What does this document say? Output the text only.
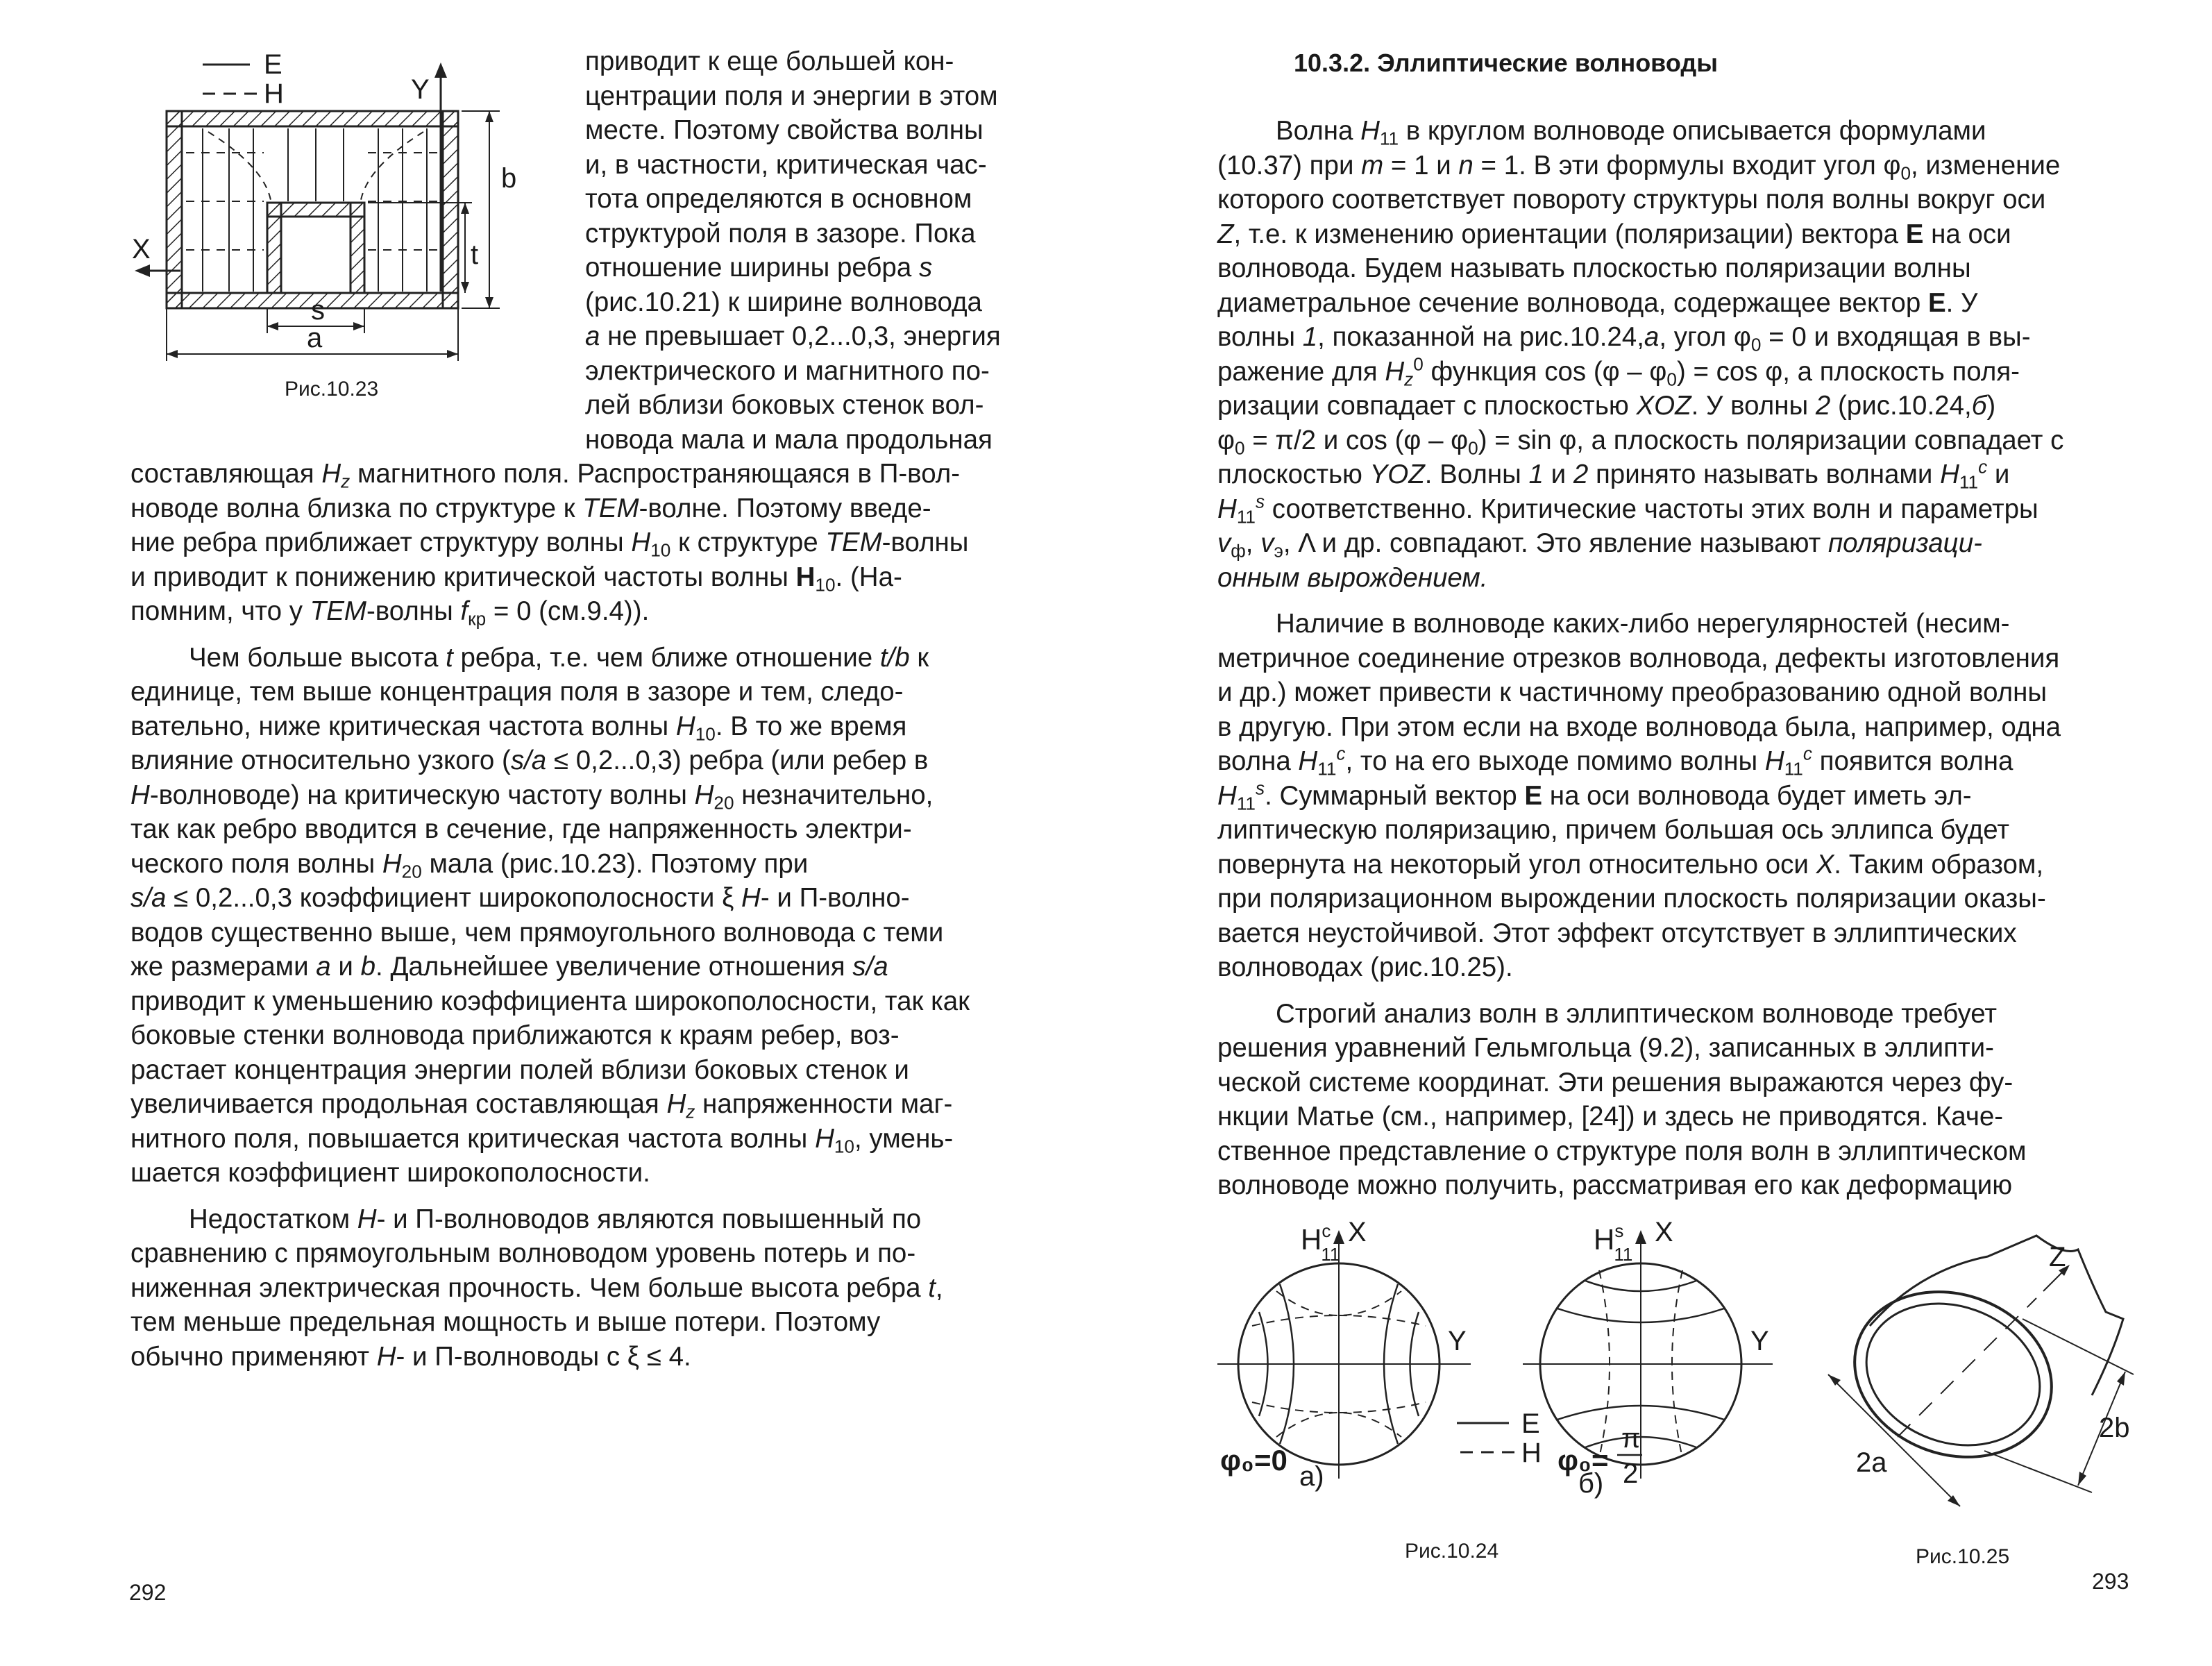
E
H	Y
X
b
t
s
a
Рис.10.23

приводит к еще большей кон-

центрации поля и энергии в этом

месте. Поэтому свойства волны

и, в частности, критическая час-

тота определяются в основном

структурой поля в зазоре. Пока

отношение ширины ребра s

(рис.10.21) к ширине волновода

a не превышает 0,2...0,3, энергия

электрического и магнитного по-

лей вблизи боковых стенок вол-

новода мала и мала продольная

составляющая $H_z$ магнитного поля. Распространяющаяся в П-вол-

новоде волна близка по структуре к TEM-волне. Поэтому введе-

ние ребра приближает структуру волны $H_{10}$ к структуре TEM-волны

и приводит к понижению критической частоты волны $H_{10}$. (На-

помним, что у TEM-волны $f_{кр} = 0$ (см.9.4)).

Чем больше высота t ребра, т.е. чем ближе отношение t/b к

единице, тем выше концентрация поля в зазоре и тем, следо-

вательно, ниже критическая частота волны $H_{10}$. В то же время

влияние относительно узкого (s/a ≤ 0,2...0,3) ребра (или ребер в

H-волноводе) на критическую частоту волны $H_{20}$ незначительно,

так как ребро вводится в сечение, где напряженность электри-

ческого поля волны $H_{20}$ мала (рис.10.23). Поэтому при

s/a ≤ 0,2...0,3 коэффициент широкополосности ξ H- и П-волно-

водов существенно выше, чем прямоугольного волновода с теми

же размерами a и b. Дальнейшее увеличение отношения s/a

приводит к уменьшению коэффициента широкополосности, так как

боковые стенки волновода приближаются к краям ребер, воз-

растает концентрация энергии полей вблизи боковых стенок и

увеличивается продольная составляющая $H_z$ напряженности маг-

нитного поля, повышается критическая частота волны $H_{10}$, умень-

шается коэффициент широкополосности.

Недостатком H- и П-волноводов являются повышенный по

сравнению с прямоугольным волноводом уровень потерь и по-

ниженная электрическая прочность. Чем больше высота ребра t,

тем меньше предельная мощность и выше потери. Поэтому

обычно применяют H- и П-волноводы с ξ ≤ 4.

292
10.3.2. Эллиптические волноводы

Волна $H_{11}$ в круглом волноводе описывается формулами

(10.37) при m = 1 и n = 1. В эти формулы входит угол $\varphi_0$, изменение

которого соответствует повороту структуры поля волны вокруг оси

Z, т.е. к изменению ориентации (поляризации) вектора E на оси

волновода. Будем называть плоскостью поляризации волны

диаметральное сечение волновода, содержащее вектор E. У

волны 1, показанной на рис.10.24,a, угол $\varphi_0 = 0$ и входящая в вы-

ражение для $H_z^0$ функция $\cos (\varphi - \varphi_0) = \cos \varphi$, а плоскость поля-

ризации совпадает с плоскостью XOZ. У волны 2 (рис.10.24,б)

$\varphi_0 = \pi/2$ и $\cos (\varphi - \varphi_0) = \sin \varphi$, а плоскость поляризации совпадает с

плоскостью YOZ. Волны 1 и 2 принято называть волнами $H_{11}^c$ и

$H_{11}^s$ соответственно. Критические частоты этих волн и параметры

$v_ф$, $v_э$, Λ и др. совпадают. Это явление называют поляризаци-

онным вырождением.

Наличие в волноводе каких-либо нерегулярностей (несим-

метричное соединение отрезков волновода, дефекты изготовления

и др.) может привести к частичному преобразованию одной волны

в другую. При этом если на входе волновода была, например, одна

волна $H_{11}^c$, то на его выходе помимо волны $H_{11}^c$ появится волна

$H_{11}^s$. Суммарный вектор E на оси волновода будет иметь эл-

липтическую поляризацию, причем большая ось эллипса будет

повернута на некоторый угол относительно оси X. Таким образом,

при поляризационном вырождении плоскость поляризации оказы-

вается неустойчивой. Этот эффект отсутствует в эллиптических

волноводах (рис.10.25).

Строгий анализ волн в эллиптическом волноводе требует

решения уравнений Гельмгольца (9.2), записанных в эллипти-

ческой системе координат. Эти решения выражаются через фу-

нкции Матье (см., например, [24]) и здесь не приводятся. Каче-

ственное представление о структуре поля волн в эллиптическом

волноводе можно получить, рассматривая его как деформацию

$H^c$ 11
X
Y
$H^s$ 11
X
Y
E
H
φ₀=0 а)	φ₀=
π
2
б)
Рис.10.24
Z
2a
2b
Рис.10.25
293
